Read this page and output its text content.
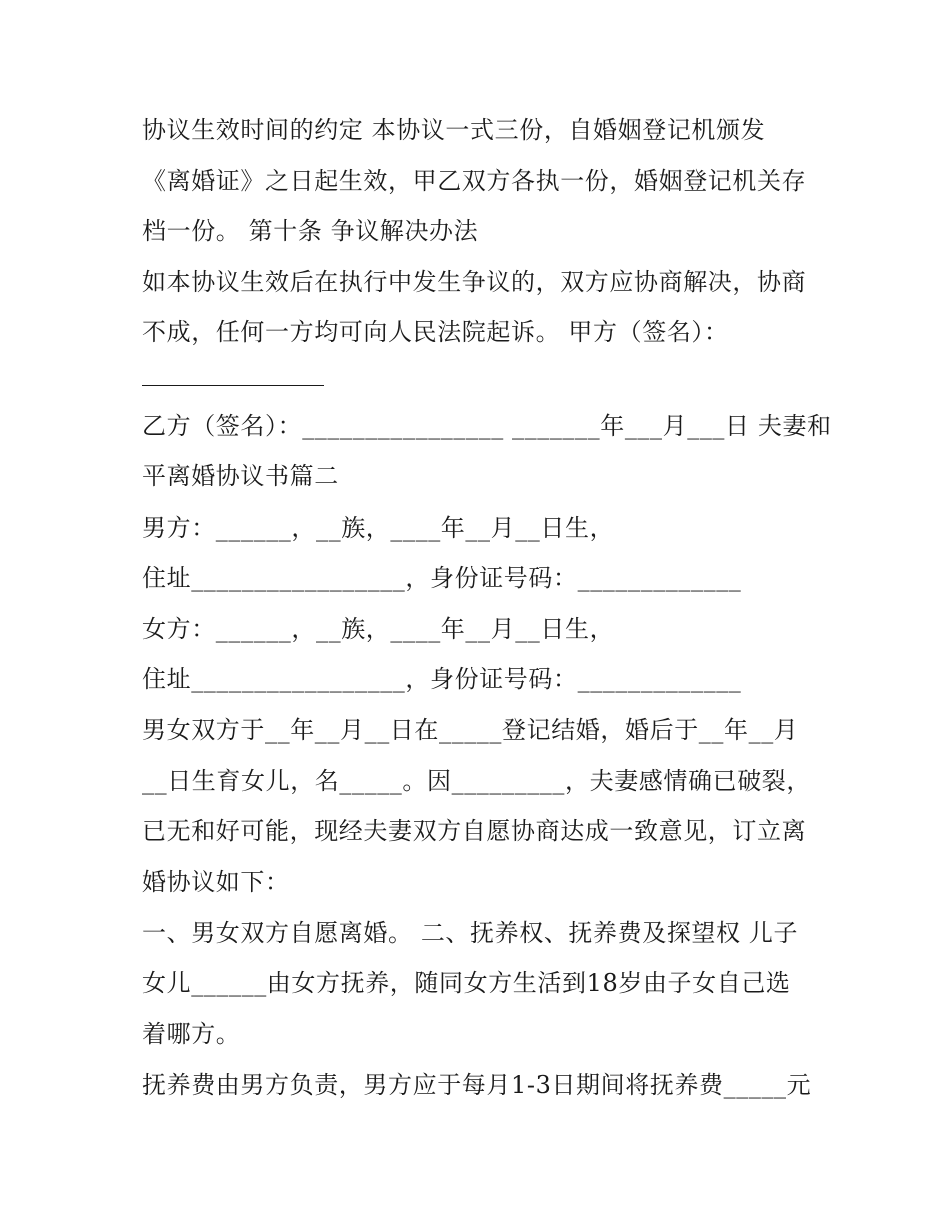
协议生效时间的约定 本协议一式三份，自婚姻登记机颁发
《离婚证》之日起生效，甲乙双方各执一份，婚姻登记机关存
档一份。 第十条 争议解决办法
如本协议生效后在执行中发生争议的，双方应协商解决，协商
不成，任何一方均可向人民法院起诉。 甲方（签名）：
乙方（签名）：________________ _______年___月___日 夫妻和
平离婚协议书篇二
男方：______，__族，____年__月__日生，
住址_________________，身份证号码：_____________
女方：______，__族，____年__月__日生，
住址_________________，身份证号码：_____________
男女双方于__年__月__日在_____登记结婚，婚后于__年__月
__日生育女儿，名_____。因_________，夫妻感情确已破裂，
已无和好可能，现经夫妻双方自愿协商达成一致意见，订立离
婚协议如下：
一、男女双方自愿离婚。 二、抚养权、抚养费及探望权 儿子
女儿______由女方抚养，随同女方生活到18岁由子女自己选
着哪方。
抚养费由男方负责，男方应于每月1-3日期间将抚养费_____元
